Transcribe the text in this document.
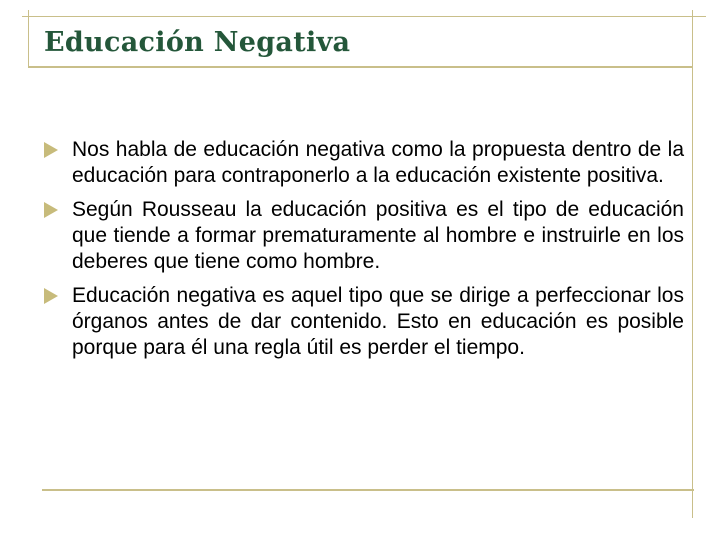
Educación Negativa
Nos habla de educación negativa como la propuesta dentro de la educación para contraponerlo a la educación existente positiva.
Según Rousseau la educación positiva es el tipo de educación que tiende a formar prematuramente al hombre e instruirle en los deberes que tiene como hombre.
Educación negativa es aquel tipo que se dirige a perfeccionar los órganos antes de dar contenido. Esto en educación es posible porque para él una regla útil es perder el tiempo.
